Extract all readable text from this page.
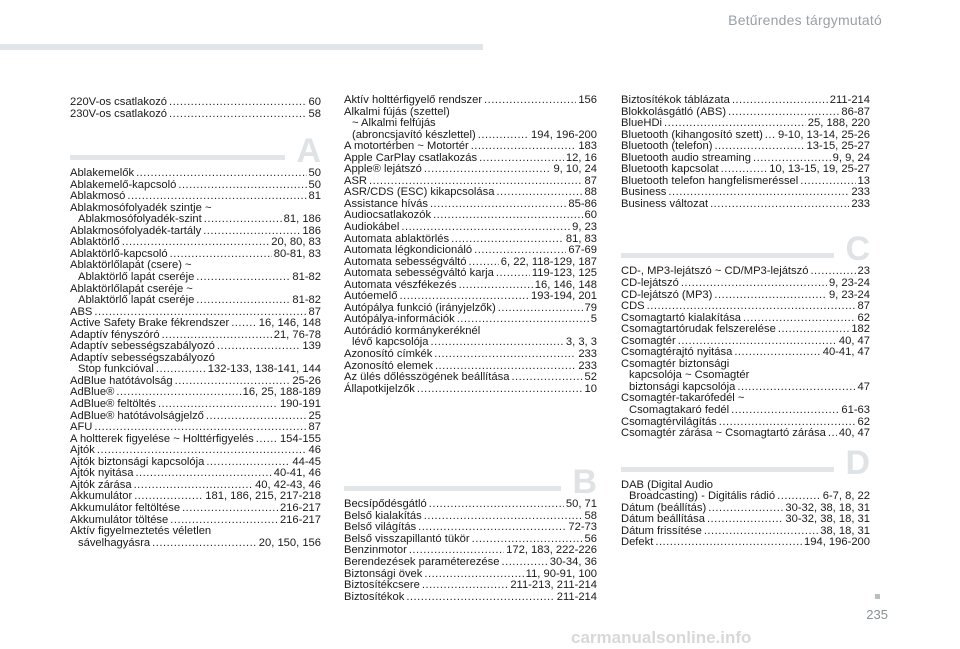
Betűrendes tárgymutató
220V-os csatlakozó .....	60
230V-os csatlakozó .....	58
A
Ablakemelők .....	50
Ablakemelő-kapcsoló .....	50
Ablakmosó .....	81
Ablakmosófolyadék szintje ~
Ablakmosófolyadék-szint .....	81, 186
Ablakmosófolyadék-tartály .....	186
Ablaktörlő .....	20, 80, 83
Ablaktörlő-kapcsoló .....	80-81, 83
Ablaktörlőlapát (csere) ~
Ablaktörlő lapát cseréje .....	81-82
Ablaktörlőlapát cseréje ~
Ablaktörlő lapát cseréje .....	81-82
ABS .....	87
Active Safety Brake fékrendszer .....	16, 146, 148
Adaptív fényszóró .....	21, 76-78
Adaptív sebességszabályozó .....	139
Adaptív sebességszabályozó
Stop funkcióval .....	132-133, 138-141, 144
AdBlue hatótávolság .....	25-26
AdBlue® .....	16, 25, 188-189
AdBlue® feltöltés .....	190-191
AdBlue® hatótávolságjelző .....	25
AFU .....	87
A holtterek figyelése ~ Holttérfigyelés ..... 154-155
Ajtók .....	46
Ajtók biztonsági kapcsolója .....	44-45
Ajtók nyitása .....	40-41, 46
Ajtók zárása .....	40, 42-43, 46
Akkumulátor .....	181, 186, 215, 217-218
Akkumulátor feltöltése .....	216-217
Akkumulátor töltése .....	216-217
Aktív figyelmeztetés véletlen
sávelhagyásra .....	20, 150, 156
Aktív holttérfigyelő rendszer .....	156
Alkalmi fújás (szettel)
~ Alkalmi felfújás
(abroncsjavító készlettel) .....	194, 196-200
A motortérben ~ Motortér .....	183
Apple CarPlay csatlakozás .....	12, 16
Apple® lejátszó .....	9, 10, 24
ASR .....	87
ASR/CDS (ESC) kikapcsolása .....	88
Assistance hívás .....	85-86
Audiocsatlakozók .....	60
Audiokábel .....	9, 23
Automata ablaktörlés .....	81, 83
Automata légkondicionáló .....	67-69
Automata sebességváltó .....	6, 22, 118-129, 187
Automata sebességváltó karja .....	119-123, 125
Automata vészfékezés .....	16, 146, 148
Autóemelő .....	193-194, 201
Autópálya funkció (irányjelzők) .....	79
Autópálya-információk .....	5
Autórádió kormánykeréknél
lévő kapcsolója .....	3, 3, 3
Azonosító címkék .....	233
Azonosító elemek .....	233
Az ülés dőlésszögének beállítása .....	52
Állapotkijelzők .....	10
B
Becsípődésgátló .....	50, 71
Belső kialakítás .....	58
Belső világítás .....	72-73
Belső visszapillantó tükör .....	56
Benzinmotor .....	172, 183, 222-226
Berendezések paraméterezése .....	30-34, 36
Biztonsági övek .....	11, 90-91, 100
Biztosítékcsere .....	211-213, 211-214
Biztosítékok .....	211-214
Biztosítékok táblázata .....	211-214
Blokkolásgátló (ABS) .....	86-87
BlueHDi .....	25, 188, 220
Bluetooth (kihangosító szett) ..... 9-10, 13-14, 25-26
Bluetooth (telefon) .....	13-15, 25-27
Bluetooth audio streaming .....	9, 9, 24
Bluetooth kapcsolat .....	10, 13-15, 19, 25-27
Bluetooth telefon hangfelismeréssel .....	13
Business .....	233
Business változat .....	233
C
CD-, MP3-lejátszó ~ CD/MP3-lejátszó .....	23
CD-lejátszó .....	9, 23-24
CD-lejátszó (MP3) .....	9, 23-24
CDS .....	87
Csomagtartó kialakítása .....	62
Csomagtartórudak felszerelése .....	182
Csomagtér .....	40, 47
Csomagtérajtó nyitása .....	40-41, 47
Csomagtér biztonsági
kapcsolója ~ Csomagtér
biztonsági kapcsolója .....	47
Csomagtér-takarófedél ~
Csomagtakaró fedél .....	61-63
Csomagtérvilágítás .....	62
Csomagtér zárása ~ Csomagtartó zárása ..... 40, 47
D
DAB (Digital Audio
Broadcasting) - Digitális rádió .....	6-7, 8, 22
Dátum (beállítás) .....	30-32, 38, 18, 31
Dátum beállítása .....	30-32, 38, 18, 31
Dátum frissítése .....	38, 18, 31
Defekt .....	194, 196-200
235
carmanualsonline.info
